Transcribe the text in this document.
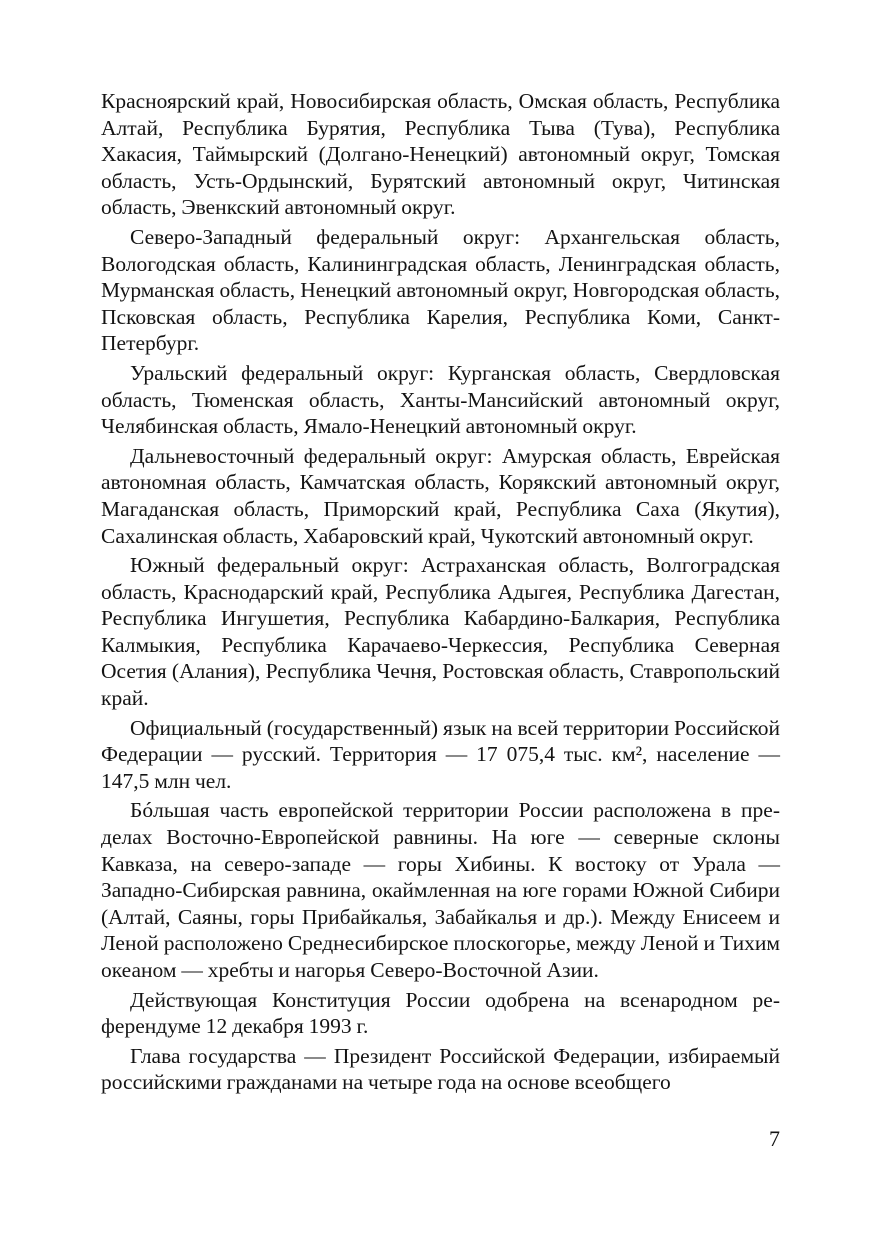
Красноярский край, Новосибирская область, Омская область, Республика Алтай, Республика Бурятия, Республика Тыва (Тува), Республика Хакасия, Таймырский (Долгано-Ненецкий) автономный округ, Томская область, Усть-Ордынский, Бурятский автономный округ, Читинская область, Эвенкский автономный округ.

Северо-Западный федеральный округ: Архангельская область, Вологодская область, Калининградская область, Ленинградская область, Мурманская область, Ненецкий автономный округ, Новгородская область, Псковская область, Республика Карелия, Республика Коми, Санкт-Петербург.

Уральский федеральный округ: Курганская область, Свердловская область, Тюменская область, Ханты-Мансийский автономный округ, Челябинская область, Ямало-Ненецкий автономный округ.

Дальневосточный федеральный округ: Амурская область, Еврейская автономная область, Камчатская область, Корякский автономный округ, Магаданская область, Приморский край, Республика Саха (Якутия), Сахалинская область, Хабаровский край, Чукотский автономный округ.

Южный федеральный округ: Астраханская область, Волгоградская область, Краснодарский край, Республика Адыгея, Республика Дагестан, Республика Ингушетия, Республика Кабардино-Балкария, Республика Калмыкия, Республика Карачаево-Черкессия, Республика Северная Осетия (Алания), Республика Чечня, Ростовская область, Ставропольский край.

Официальный (государственный) язык на всей территории Российской Федерации — русский. Территория — 17 075,4 тыс. км², население — 147,5 млн чел.

Бóльшая часть европейской территории России расположена в пределах Восточно-Европейской равнины. На юге — северные склоны Кавказа, на северо-западе — горы Хибины. К востоку от Урала — Западно-Сибирская равнина, окаймленная на юге горами Южной Сибири (Алтай, Саяны, горы Прибайкалья, Забайкалья и др.). Между Енисеем и Леной расположено Среднесибирское плоскогорье, между Леной и Тихим океаном — хребты и нагорья Северо-Восточной Азии.

Действующая Конституция России одобрена на всенародном референдуме 12 декабря 1993 г.

Глава государства — Президент Российской Федерации, избираемый российскими гражданами на четыре года на основе всеобщего

7
